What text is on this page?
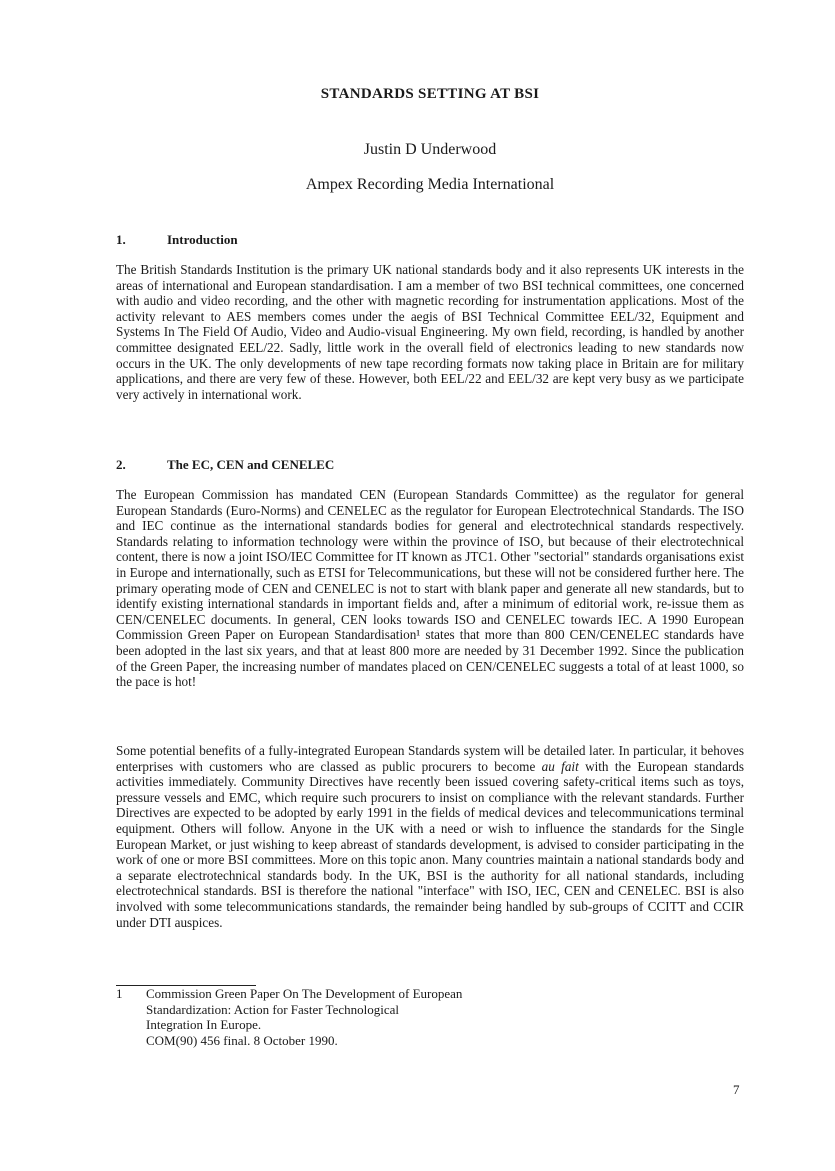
STANDARDS SETTING AT BSI
Justin D Underwood
Ampex Recording Media International
1.	Introduction

The British Standards Institution is the primary UK national standards body and it also represents UK interests in the areas of international and European standardisation. I am a member of two BSI technical committees, one concerned with audio and video recording, and the other with magnetic recording for instrumentation applications. Most of the activity relevant to AES members comes under the aegis of BSI Technical Committee EEL/32, Equipment and Systems In The Field Of Audio, Video and Audio-visual Engineering. My own field, recording, is handled by another committee designated EEL/22. Sadly, little work in the overall field of electronics leading to new standards now occurs in the UK. The only developments of new tape recording formats now taking place in Britain are for military applications, and there are very few of these. However, both EEL/22 and EEL/32 are kept very busy as we participate very actively in international work.

2.	The EC, CEN and CENELEC

The European Commission has mandated CEN (European Standards Committee) as the regulator for general European Standards (Euro-Norms) and CENELEC as the regulator for European Electrotechnical Standards. The ISO and IEC continue as the international standards bodies for general and electrotechnical standards respectively. Standards relating to information technology were within the province of ISO, but because of their electrotechnical content, there is now a joint ISO/IEC Committee for IT known as JTC1. Other "sectorial" standards organisations exist in Europe and internationally, such as ETSI for Telecommunications, but these will not be considered further here. The primary operating mode of CEN and CENELEC is not to start with blank paper and generate all new standards, but to identify existing international standards in important fields and, after a minimum of editorial work, re-issue them as CEN/CENELEC documents. In general, CEN looks towards ISO and CENELEC towards IEC. A 1990 European Commission Green Paper on European Standardisation¹ states that more than 800 CEN/CENELEC standards have been adopted in the last six years, and that at least 800 more are needed by 31 December 1992. Since the publication of the Green Paper, the increasing number of mandates placed on CEN/CENELEC suggests a total of at least 1000, so the pace is hot!

Some potential benefits of a fully-integrated European Standards system will be detailed later. In particular, it behoves enterprises with customers who are classed as public procurers to become au fait with the European standards activities immediately. Community Directives have recently been issued covering safety-critical items such as toys, pressure vessels and EMC, which require such procurers to insist on compliance with the relevant standards. Further Directives are expected to be adopted by early 1991 in the fields of medical devices and telecommunications terminal equipment. Others will follow. Anyone in the UK with a need or wish to influence the standards for the Single European Market, or just wishing to keep abreast of standards development, is advised to consider participating in the work of one or more BSI committees. More on this topic anon. Many countries maintain a national standards body and a separate electrotechnical standards body. In the UK, BSI is the authority for all national standards, including electrotechnical standards. BSI is therefore the national "interface" with ISO, IEC, CEN and CENELEC. BSI is also involved with some telecommunications standards, the remainder being handled by sub-groups of CCITT and CCIR under DTI auspices.

1 Commission Green Paper On The Development of European
Standardization: Action for Faster Technological
Integration In Europe.
COM(90) 456 final. 8 October 1990.
7
